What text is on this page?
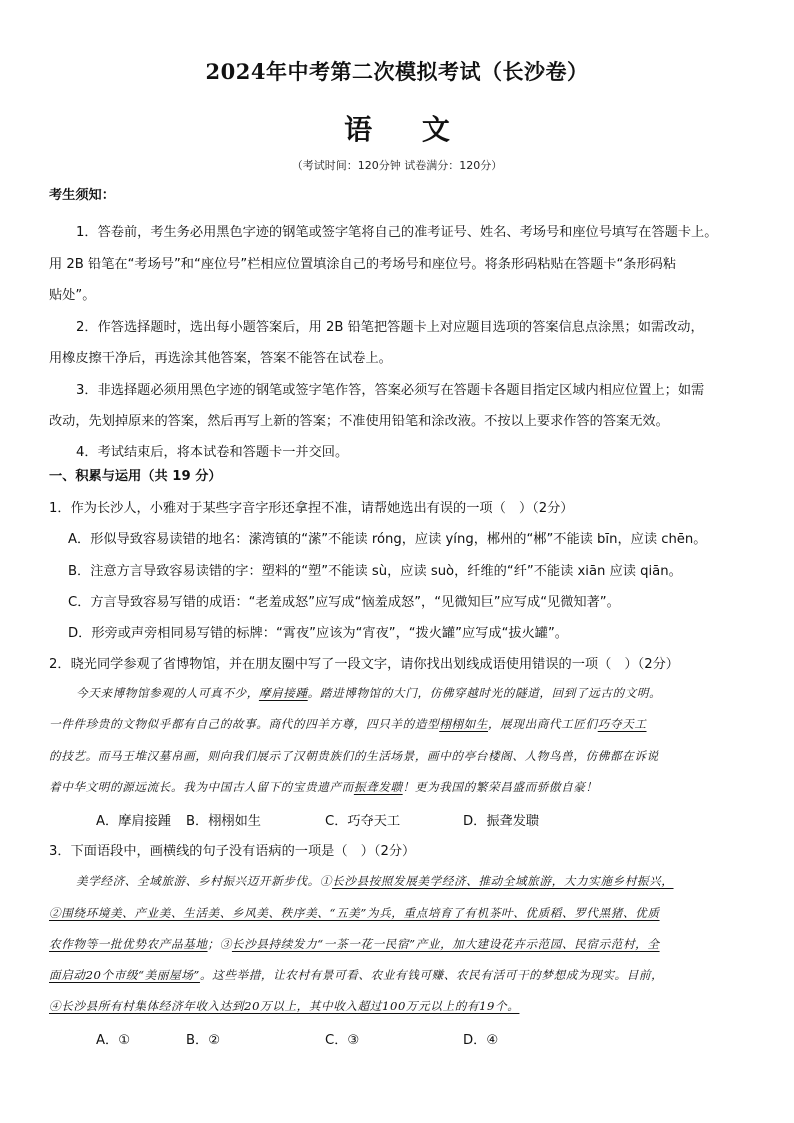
2024年中考第二次模拟考试（长沙卷）
语 文
（考试时间：120分钟 试卷满分：120分）
考生须知：
1．答卷前，考生务必用黑色字迹的钢笔或签字笔将自己的准考证号、姓名、考场号和座位号填写在答题卡上。
用 2B 铅笔在“考场号”和“座位号”栏相应位置填涂自己的考场号和座位号。将条形码粘贴在答题卡“条形码粘
贴处”。
2．作答选择题时，选出每小题答案后，用 2B 铅笔把答题卡上对应题目选项的答案信息点涂黑；如需改动，
用橡皮擦干净后，再选涂其他答案，答案不能答在试卷上。
3．非选择题必须用黑色字迹的钢笔或签字笔作答，答案必须写在答题卡各题目指定区域内相应位置上；如需
改动，先划掉原来的答案，然后再写上新的答案；不准使用铅笔和涂改液。不按以上要求作答的答案无效。
4．考试结束后，将本试卷和答题卡一并交回。
一、积累与运用（共 19 分）
1．作为长沙人，小雅对于某些字音字形还拿捏不准，请帮她选出有误的一项（　）（2分）
A．形似导致容易读错的地名：潆湾镇的“潆”不能读 róng，应读 yíng，郴州的“郴”不能读 bīn，应读 chēn。
B．注意方言导致容易读错的字：塑料的“塑”不能读 sù，应读 suò，纤维的“纤”不能读 xiān 应读 qiān。
C．方言导致容易写错的成语：“老羞成怒”应写成“恼羞成怒”，“见微知巨”应写成“见微知著”。
D．形旁或声旁相同易写错的标牌：“霄夜”应该为“宵夜”，“拨火罐”应写成“拔火罐”。
2．晓光同学参观了省博物馆，并在朋友圈中写了一段文字，请你找出划线成语使用错误的一项（　）（2分）
今天来博物馆参观的人可真不少，摩肩接踵。踏进博物馆的大门，仿佛穿越时光的隧道，回到了远古的文明。
一件件珍贵的文物似乎都有自己的故事。商代的四羊方尊，四只羊的造型栩栩如生，展现出商代工匠们巧夺天工
的技艺。而马王堆汉墓帛画，则向我们展示了汉朝贵族们的生活场景，画中的亭台楼阁、人物鸟兽，仿佛都在诉说
着中华文明的源远流长。我为中国古人留下的宝贵遗产而振聋发聩！更为我国的繁荣昌盛而骄傲自豪！
A．摩肩接踵 B．栩栩如生	C．巧夺天工	D．振聋发聩
3．下面语段中，画横线的句子没有语病的一项是（　）（2分）
美学经济、全域旅游、乡村振兴迈开新步伐。①长沙县按照发展美学经济、推动全域旅游，大力实施乡村振兴，
②围绕环境美、产业美、生活美、乡风美、秩序美、“五美”为兵，重点培育了有机茶叶、优质稻、罗代黑猪、优质
农作物等一批优势农产品基地；③长沙县持续发力“一茶一花一民宿”产业，加大建设花卉示范园、民宿示范村，全
面启动20个市级“美丽屋场”。这些举措，让农村有景可看、农业有钱可赚、农民有活可干的梦想成为现实。目前，
④长沙县所有村集体经济年收入达到20万以上，其中收入超过100万元以上的有19个。
A．①	B．②	C．③	D．④
